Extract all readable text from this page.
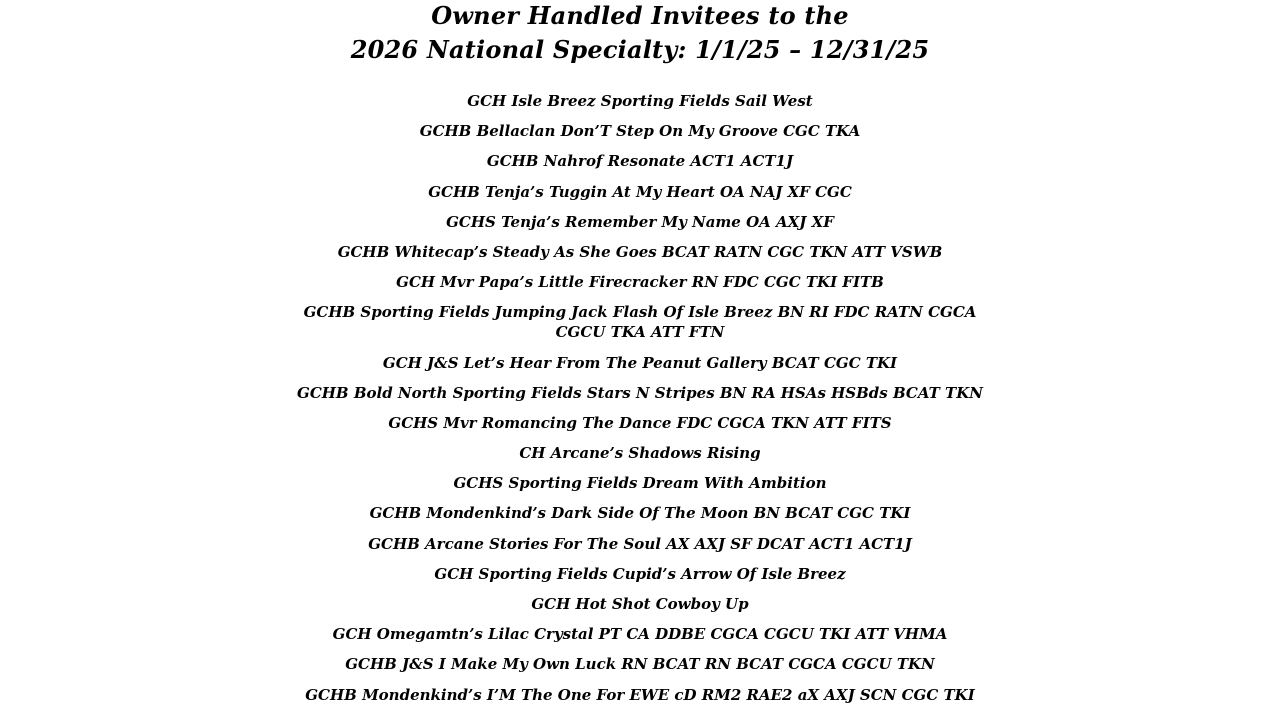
Owner Handled Invitees to the
2026 National Specialty: 1/1/25 – 12/31/25
GCH Isle Breez Sporting Fields Sail West
GCHB Bellaclan Don’T Step On My Groove CGC TKA
GCHB Nahrof Resonate ACT1 ACT1J
GCHB Tenja’s Tuggin At My Heart OA NAJ XF CGC
GCHS Tenja’s Remember My Name OA AXJ XF
GCHB Whitecap’s Steady As She Goes BCAT RATN CGC TKN ATT VSWB
GCH Mvr Papa’s Little Firecracker RN FDC CGC TKI FITB
GCHB Sporting Fields Jumping Jack Flash Of Isle Breez BN RI FDC RATN CGCA CGCU TKA ATT FTN
GCH J&S Let’s Hear From The Peanut Gallery BCAT CGC TKI
GCHB Bold North Sporting Fields Stars N Stripes BN RA HSAs HSBds BCAT TKN
GCHS Mvr Romancing The Dance FDC CGCA TKN ATT FITS
CH Arcane’s Shadows Rising
GCHS Sporting Fields Dream With Ambition
GCHB Mondenkind’s Dark Side Of The Moon BN BCAT CGC TKI
GCHB Arcane Stories For The Soul AX AXJ SF DCAT ACT1 ACT1J
GCH Sporting Fields Cupid’s Arrow Of Isle Breez
GCH Hot Shot Cowboy Up
GCH Omegamtn’s Lilac Crystal PT CA DDBE CGCA CGCU TKI ATT VHMA
GCHB J&S I Make My Own Luck RN BCAT RN BCAT CGCA CGCU TKN
GCHB Mondenkind’s I’M The One For EWE cD RM2 RAE2 aX AXJ SCN CGC TKI
